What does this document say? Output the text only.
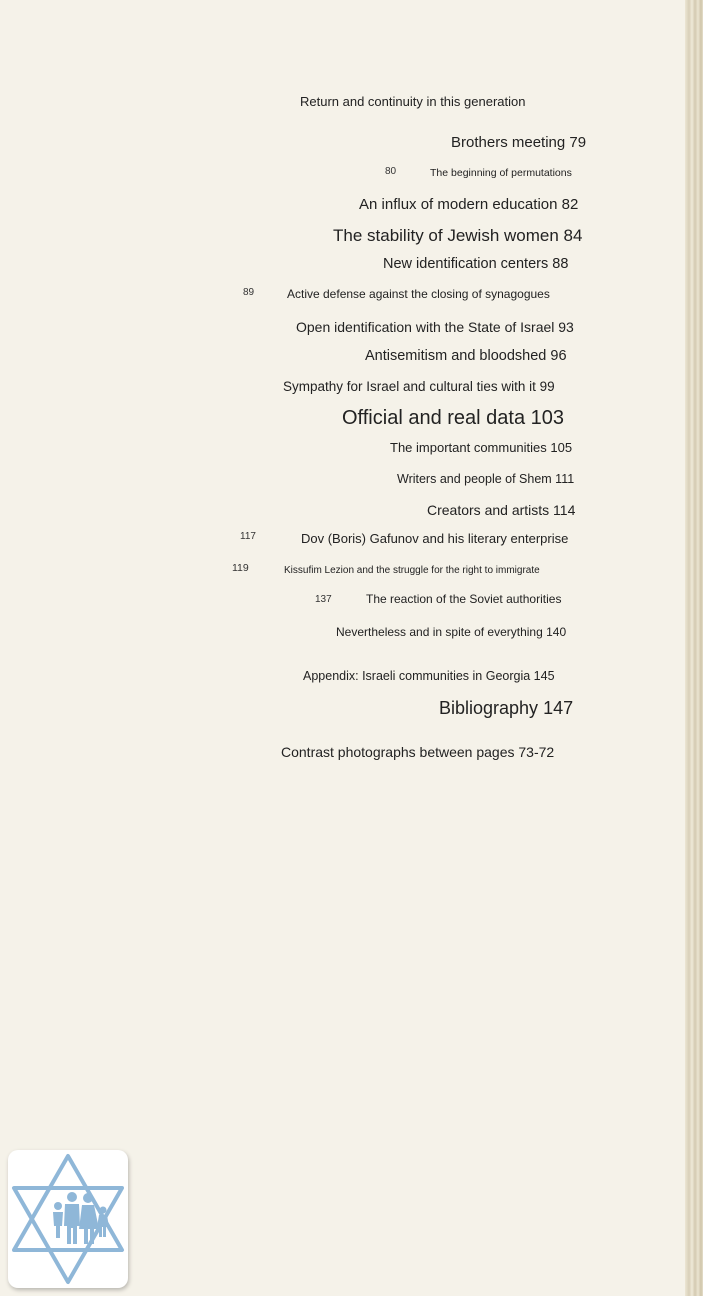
Return and continuity in this generation

Brothers meeting 79

80	The beginning of permutations

An influx of modern education 82

The stability of Jewish women 84

New identification centers 88

89	Active defense against the closing of synagogues

Open identification with the State of Israel 93

Antisemitism and bloodshed 96

Sympathy for Israel and cultural ties with it 99

Official and real data 103

The important communities 105

Writers and people of Shem 111

Creators and artists 114

117	Dov (Boris) Gafunov and his literary enterprise

119	Kissufim Lezion and the struggle for the right to immigrate

137	The reaction of the Soviet authorities

Nevertheless and in spite of everything 140

Appendix: Israeli communities in Georgia 145

Bibliography 147

Contrast photographs between pages 73-72
